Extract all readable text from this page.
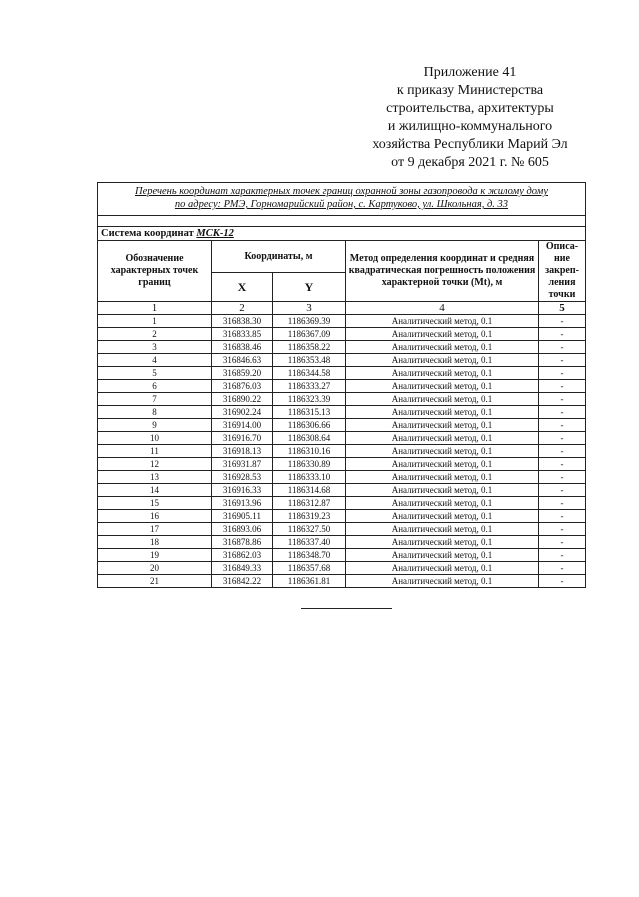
Приложение 41
к приказу Министерства
строительства, архитектуры
и жилищно-коммунального
хозяйства Республики Марий Эл
от 9 декабря 2021 г. № 605
Перечень координат характерных точек границ охранной зоны газопровода к жилому дому
по адресу: РМЭ, Горномарийский район, с. Картуково, ул. Школьная, д. 33				

Система координат МСК-12				
Обозначение характерных точек границ	Координаты, м		Метод определения координат и средняя квадратическая погрешность положения характерной точки (Mt), м	Описа-ние закреп-ления точки
	X	Y		
1	2	3	4	5
1	316838.30	1186369.39	Аналитический метод, 0.1	-
2	316833.85	1186367.09	Аналитический метод, 0.1	-
3	316838.46	1186358.22	Аналитический метод, 0.1	-
4	316846.63	1186353.48	Аналитический метод, 0.1	-
5	316859.20	1186344.58	Аналитический метод, 0.1	-
6	316876.03	1186333.27	Аналитический метод, 0.1	-
7	316890.22	1186323.39	Аналитический метод, 0.1	-
8	316902.24	1186315.13	Аналитический метод, 0.1	-
9	316914.00	1186306.66	Аналитический метод, 0.1	-
10	316916.70	1186308.64	Аналитический метод, 0.1	-
11	316918.13	1186310.16	Аналитический метод, 0.1	-
12	316931.87	1186330.89	Аналитический метод, 0.1	-
13	316928.53	1186333.10	Аналитический метод, 0.1	-
14	316916.33	1186314.68	Аналитический метод, 0.1	-
15	316913.96	1186312.87	Аналитический метод, 0.1	-
16	316905.11	1186319.23	Аналитический метод, 0.1	-
17	316893.06	1186327.50	Аналитический метод, 0.1	-
18	316878.86	1186337.40	Аналитический метод, 0.1	-
19	316862.03	1186348.70	Аналитический метод, 0.1	-
20	316849.33	1186357.68	Аналитический метод, 0.1	-
21	316842.22	1186361.81	Аналитический метод, 0.1	-
